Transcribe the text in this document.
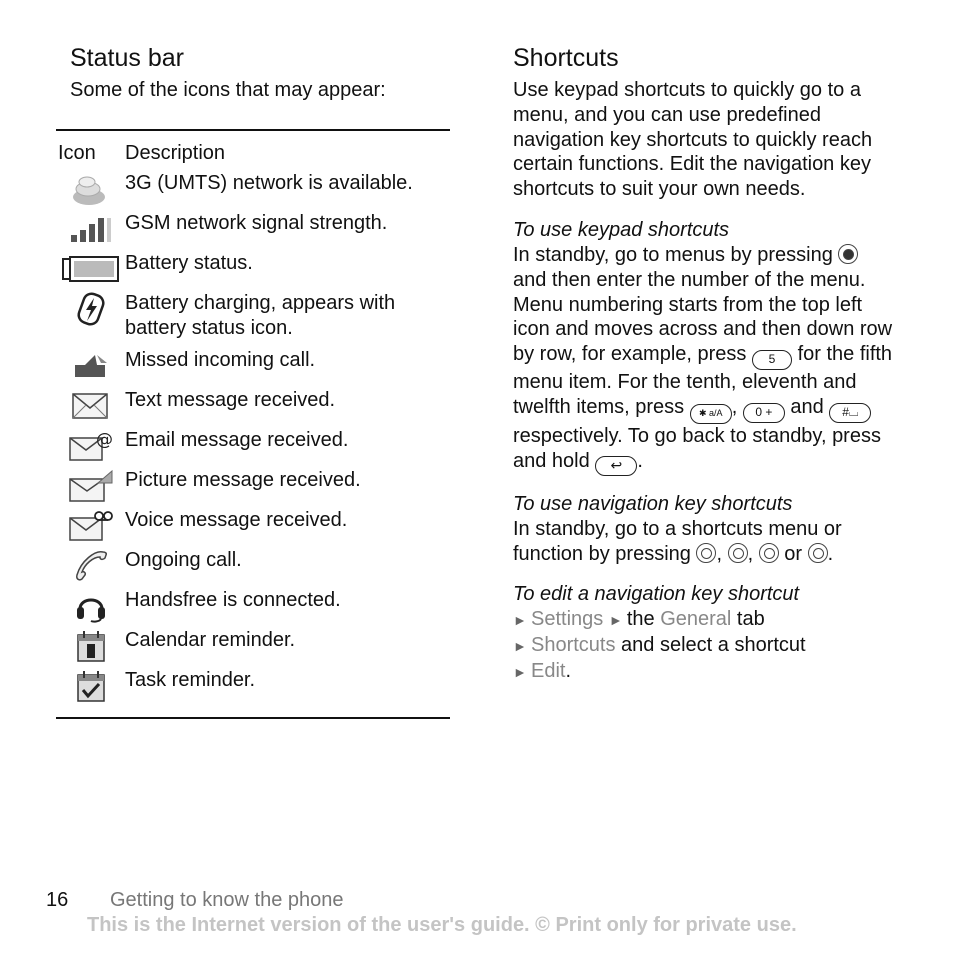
Status bar

Some of the icons that may appear:

Icon	Description
3G (UMTS) network is available.
GSM network signal strength.
Battery status.
Battery charging, appears with battery status icon.
Missed incoming call.
Text message received.
@ Email message received.
Picture message received.
Voice message received.
Ongoing call.
Handsfree is connected.
Calendar reminder.
Task reminder.
Shortcuts

Use keypad shortcuts to quickly go to a menu, and you can use predefined navigation key shortcuts to quickly reach certain functions. Edit the navigation key shortcuts to suit your own needs.

To use keypad shortcuts

In standby, go to menus by pressing  and then enter the number of the menu. Menu numbering starts from the top left icon and moves across and then down row by row, for example, press 5 for the fifth menu item. For the tenth, eleventh and twelfth items, press ✱ a/A , 0 + and #⌴ respectively. To go back to standby, press and hold ↩ .

To use navigation key shortcuts

In standby, go to a shortcuts menu or function by pressing , , or .

To edit a navigation key shortcut

► Settings ► the General tab
► Shortcuts and select a shortcut
► Edit.
16 Getting to know the phone
This is the Internet version of the user's guide. © Print only for private use.
